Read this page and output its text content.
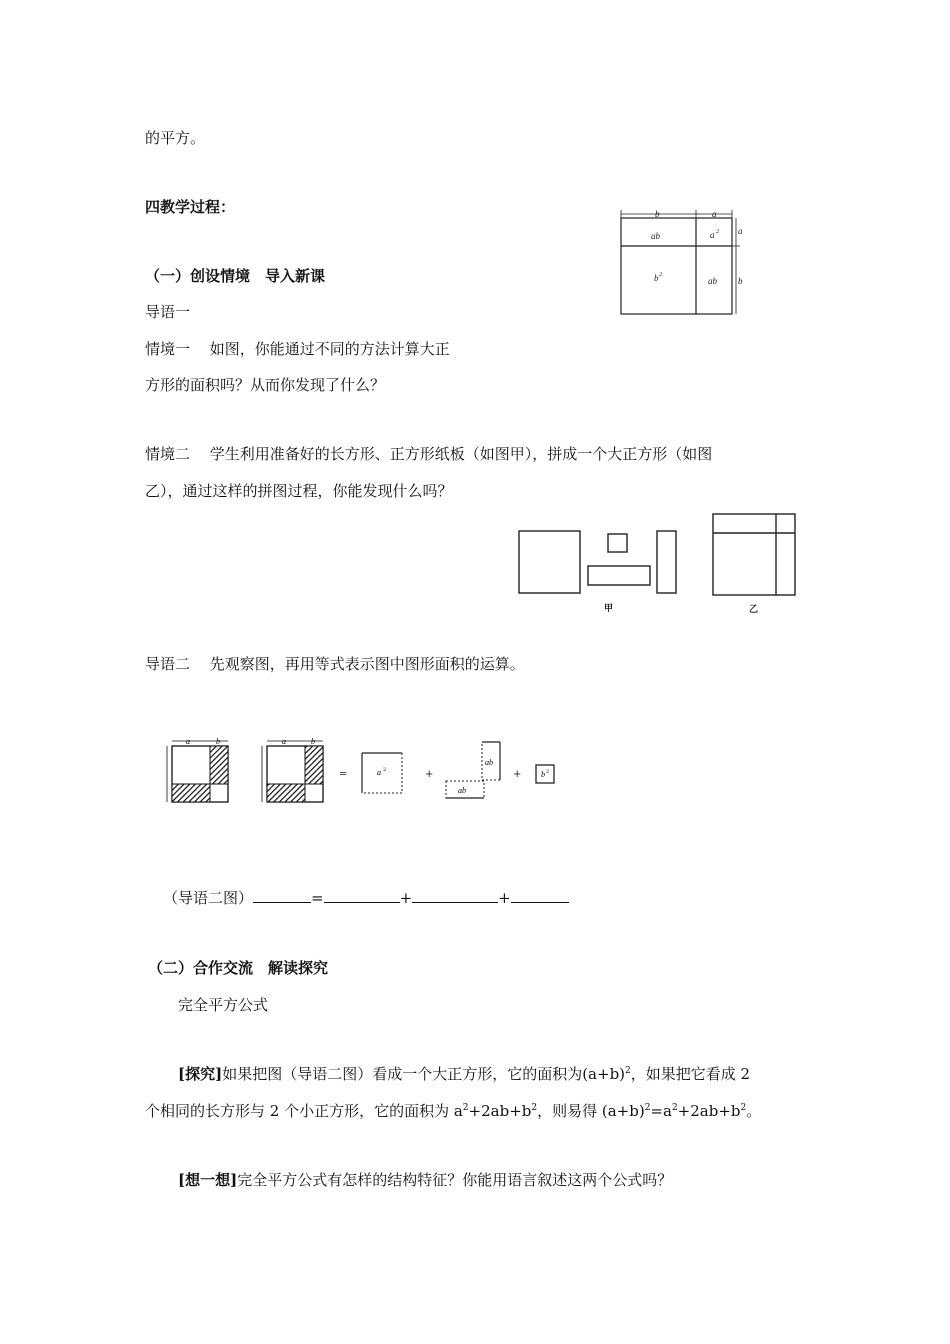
的平方。
四教学过程：
（一）创设情境　导入新课
导语一
情境一　 如图，你能通过不同的方法计算大正
方形的面积吗？从而你发现了什么？
情境二　 学生利用准备好的长方形、正方形纸板（如图甲），拼成一个大正方形（如图
乙），通过这样的拼图过程，你能发现什么吗？
导语二　 先观察图，再用等式表示图中图形面积的运算。
（导语二图）	=	+	+
（二）合作交流　解读探究
完全平方公式
[探究]如果把图（导语二图）看成一个大正方形，它的面积为$(a+b)^2$，如果把它看成 2
个相同的长方形与 2 个小正方形，它的面积为 $a^2+2ab+b^2$，则易得 $(a+b)^2=a^2+2ab+b^2$。
[想一想]完全平方公式有怎样的结构特征？你能用语言叙述这两个公式吗？
b	a
a
b
ab	a 2
b 2
ab
甲	乙
a	b	a	b
=	a 2	+
ab
ab
+ b 2
